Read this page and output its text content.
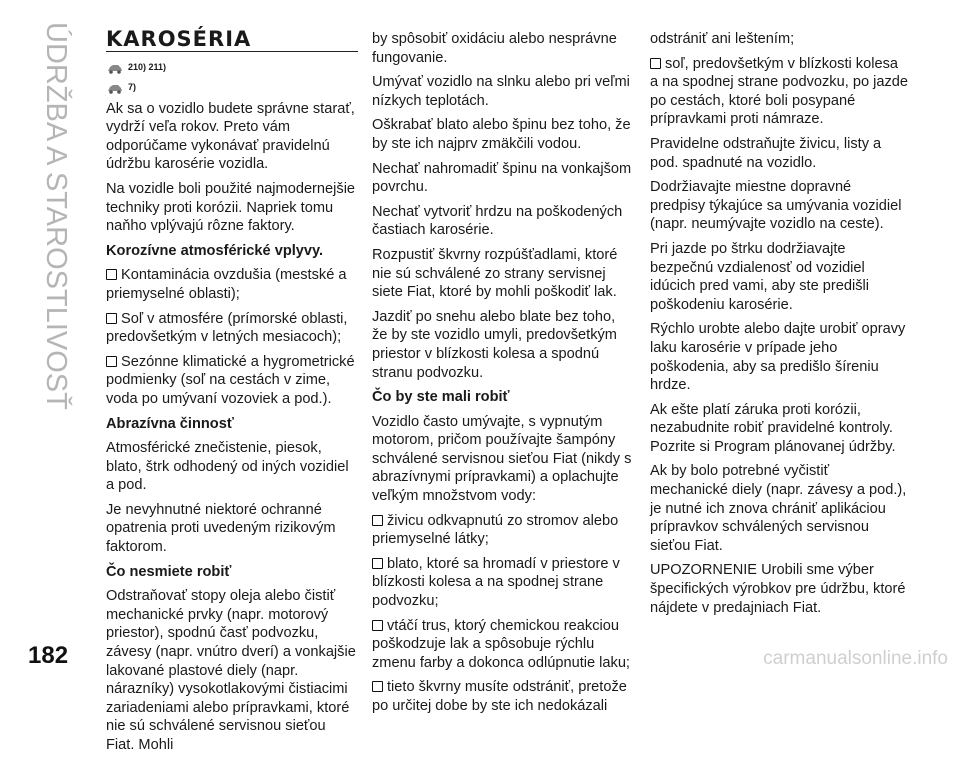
ÚDRŽBA A STAROSTLIVOSŤ KAROSÉRIA
210) 211)
7)

Ak sa o vozidlo budete správne starať, vydrží veľa rokov. Preto vám odporúčame vykonávať pravidelnú údržbu karosérie vozidla.

Na vozidle boli použité najmodernejšie techniky proti korózii. Napriek tomu naňho vplývajú rôzne faktory.

Korozívne atmosférické vplyvy.

Kontaminácia ovzdušia (mestské a priemyselné oblasti);

Soľ v atmosfére (prímorské oblasti, predovšetkým v letných mesiacoch);

Sezónne klimatické a hygrometrické podmienky (soľ na cestách v zime, voda po umývaní vozoviek a pod.).

Abrazívna činnosť

Atmosférické znečistenie, piesok, blato, štrk odhodený od iných vozidiel a pod.

Je nevyhnutné niektoré ochranné opatrenia proti uvedeným rizikovým faktorom.

Čo nesmiete robiť

Odstraňovať stopy oleja alebo čistiť mechanické prvky (napr. motorový priestor), spodnú časť podvozku, závesy (napr. vnútro dverí) a vonkajšie lakované plastové diely (napr. nárazníky) vysokotlakovými čistiacimi zariadeniami alebo prípravkami, ktoré nie sú schválené servisnou sieťou Fiat. Mohli

by spôsobiť oxidáciu alebo nesprávne fungovanie.

Umývať vozidlo na slnku alebo pri veľmi nízkych teplotách.

Oškrabať blato alebo špinu bez toho, že by ste ich najprv zmäkčili vodou.

Nechať nahromadiť špinu na vonkajšom povrchu.

Nechať vytvoriť hrdzu na poškodených častiach karosérie.

Rozpustiť škvrny rozpúšťadlami, ktoré nie sú schválené zo strany servisnej siete Fiat, ktoré by mohli poškodiť lak.

Jazdiť po snehu alebo blate bez toho, že by ste vozidlo umyli, predovšetkým priestor v blízkosti kolesa a spodnú stranu podvozku.

Čo by ste mali robiť

Vozidlo často umývajte, s vypnutým motorom, pričom používajte šampóny schválené servisnou sieťou Fiat (nikdy s abrazívnymi prípravkami) a oplachujte veľkým množstvom vody:

živicu odkvapnutú zo stromov alebo priemyselné látky;

blato, ktoré sa hromadí v priestore v blízkosti kolesa a na spodnej strane podvozku;

vtáčí trus, ktorý chemickou reakciou poškodzuje lak a spôsobuje rýchlu zmenu farby a dokonca odlúpnutie laku;

tieto škvrny musíte odstrániť, pretože po určitej dobe by ste ich nedokázali

odstrániť ani leštením;

soľ, predovšetkým v blízkosti kolesa a na spodnej strane podvozku, po jazde po cestách, ktoré boli posypané prípravkami proti námraze.

Pravidelne odstraňujte živicu, listy a pod. spadnuté na vozidlo.

Dodržiavajte miestne dopravné predpisy týkajúce sa umývania vozidiel (napr. neumývajte vozidlo na ceste).

Pri jazde po štrku dodržiavajte bezpečnú vzdialenosť od vozidiel idúcich pred vami, aby ste predišli poškodeniu karosérie.

Rýchlo urobte alebo dajte urobiť opravy laku karosérie v prípade jeho poškodenia, aby sa predišlo šíreniu hrdze.

Ak ešte platí záruka proti korózii, nezabudnite robiť pravidelné kontroly. Pozrite si Program plánovanej údržby.

Ak by bolo potrebné vyčistiť mechanické diely (napr. závesy a pod.), je nutné ich znova chrániť aplikáciou prípravkov schválených servisnou sieťou Fiat.

UPOZORNENIE Urobili sme výber špecifických výrobkov pre údržbu, ktoré nájdete v predajniach Fiat.

182	carmanualsonline.info
